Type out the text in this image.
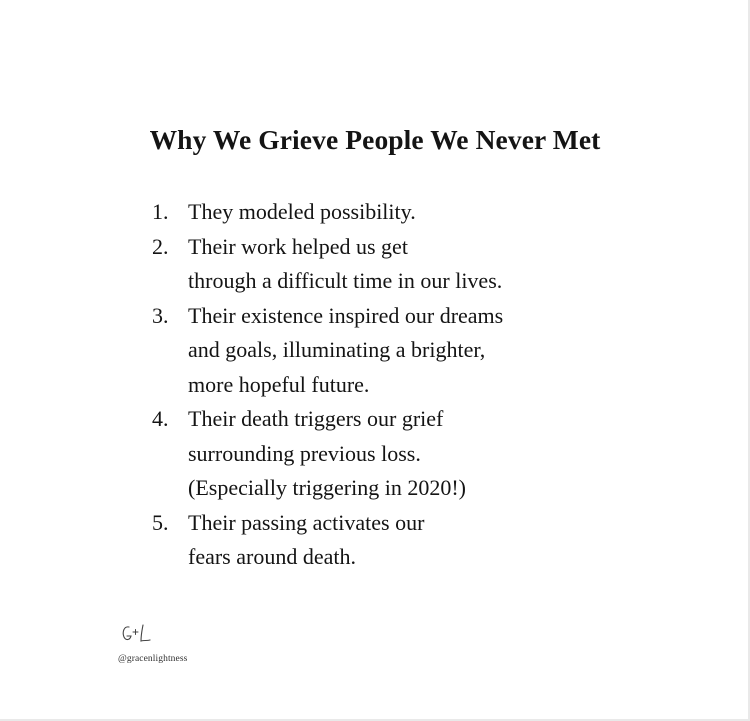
Why We Grieve People We Never Met
1. They modeled possibility.
2. Their work helped us get
through a difficult time in our lives.
3. Their existence inspired our dreams
and goals, illuminating a brighter,
more hopeful future.
4. Their death triggers our grief
surrounding previous loss.
(Especially triggering in 2020!)
5. Their passing activates our
fears around death.
@gracenlightness
